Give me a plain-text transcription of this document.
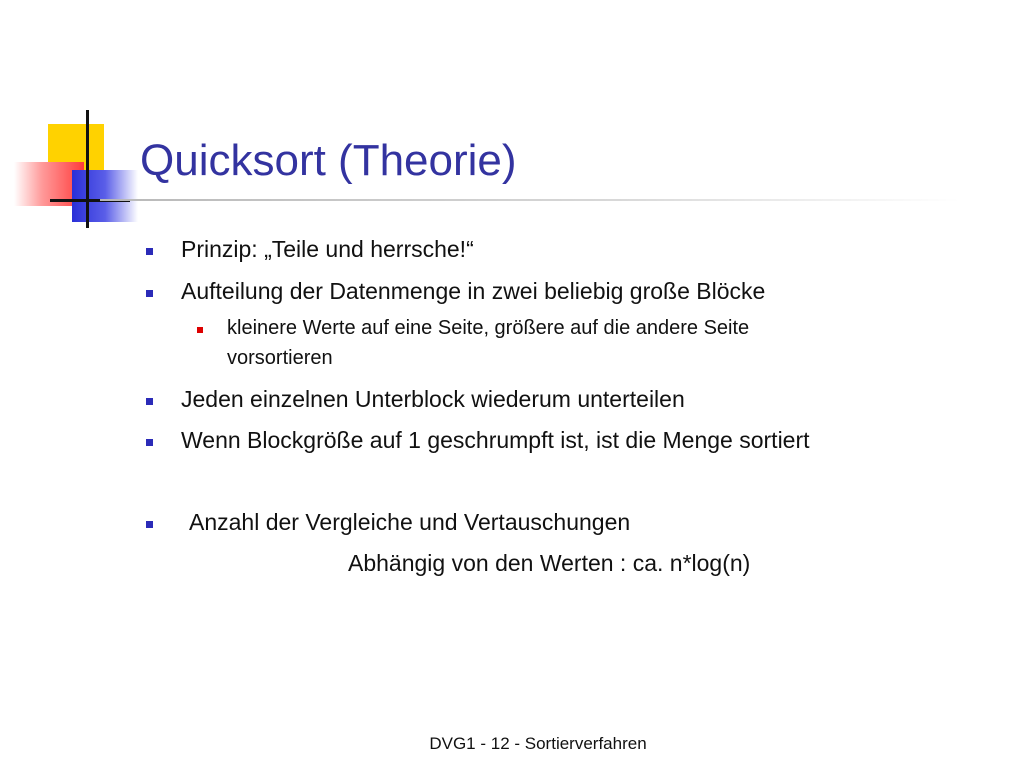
Quicksort (Theorie)
Prinzip: „Teile und herrsche!“
Aufteilung der Datenmenge in zwei beliebig große Blöcke
kleinere Werte auf eine Seite, größere auf die andere Seite
vorsortieren
Jeden einzelnen Unterblock wiederum unterteilen
Wenn Blockgröße auf 1 geschrumpft ist, ist die Menge sortiert
Anzahl der Vergleiche und Vertauschungen
Abhängig von den Werten : ca. n*log(n)
DVG1 - 12 - Sortierverfahren
